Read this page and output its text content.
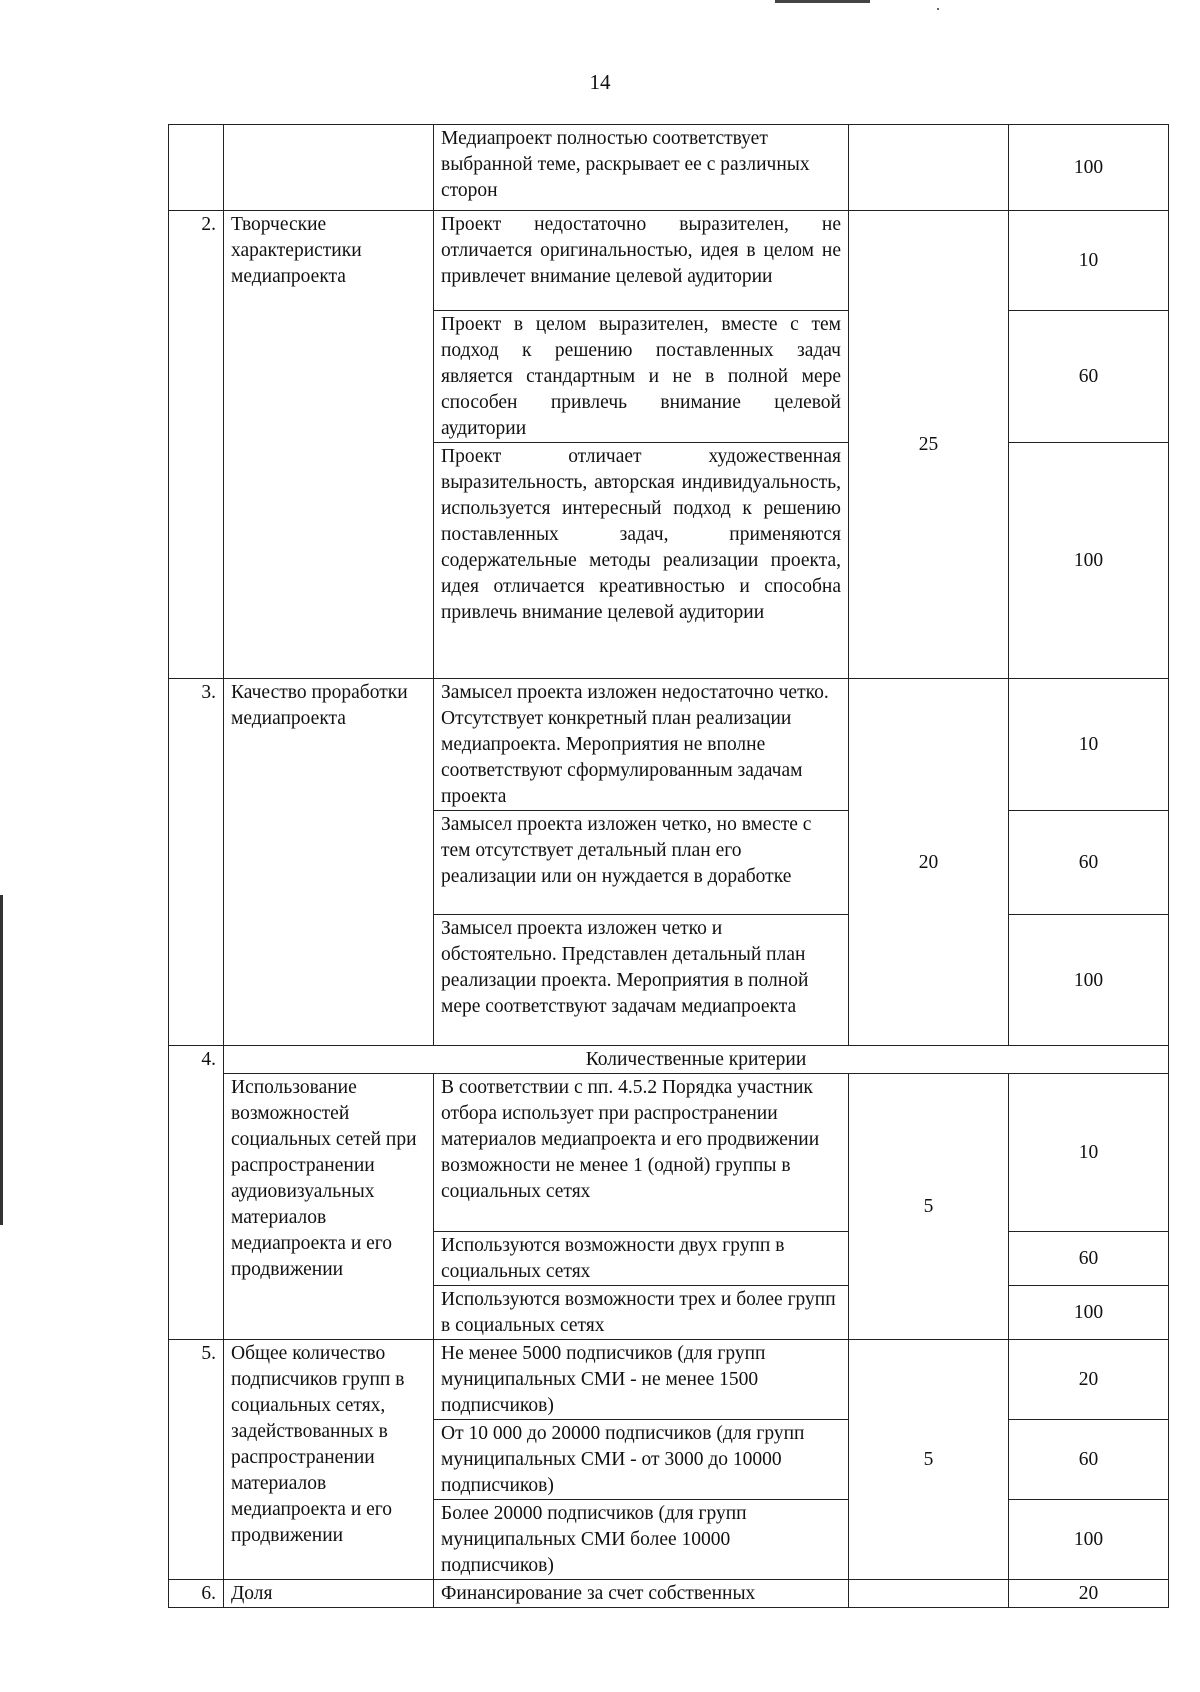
14
		Медиапроект полностью соответствует выбранной теме, раскрывает ее с различных сторон		100
2.	Творческие характеристики медиапроекта	Проект недостаточно выразителен, не отличается оригинальностью, идея в целом не привлечет внимание целевой аудитории	25	10
		Проект в целом выразителен, вместе с тем подход к решению поставленных задач является стандартным и не в полной мере способен привлечь внимание целевой аудитории		60
		Проект отличает художественная выразительность, авторская индивидуальность, используется интересный подход к решению поставленных задач, применяются содержательные методы реализации проекта, идея отличается креативностью и способна привлечь внимание целевой аудитории		100
3.	Качество проработки медиапроекта	Замысел проекта изложен недостаточно четко. Отсутствует конкретный план реализации медиапроекта. Мероприятия не вполне соответствуют сформулированным задачам проекта	20	10
		Замысел проекта изложен четко, но вместе с тем отсутствует детальный план его реализации или он нуждается в доработке		60
		Замысел проекта изложен четко и обстоятельно. Представлен детальный план реализации проекта. Мероприятия в полной мере соответствуют задачам медиапроекта		100
4.	Количественные критерии			
	Использование возможностей социальных сетей при распространении аудиовизуальных материалов медиапроекта и его продвижении	В соответствии с пп. 4.5.2 Порядка участник отбора использует при распространении материалов медиапроекта и его продвижении возможности не менее 1 (одной) группы в социальных сетях	5	10
		Используются возможности двух групп в социальных сетях		60
		Используются возможности трех и более групп в социальных сетях		100
5.	Общее количество подписчиков групп в социальных сетях, задействованных в распространении материалов медиапроекта и его продвижении	Не менее 5000 подписчиков (для групп муниципальных СМИ - не менее 1500 подписчиков)	5	20
		От 10 000 до 20000 подписчиков (для групп муниципальных СМИ - от 3000 до 10000 подписчиков)		60
		Более 20000 подписчиков (для групп муниципальных СМИ более 10000 подписчиков)		100
6.	Доля	Финансирование за счет собственных		20
